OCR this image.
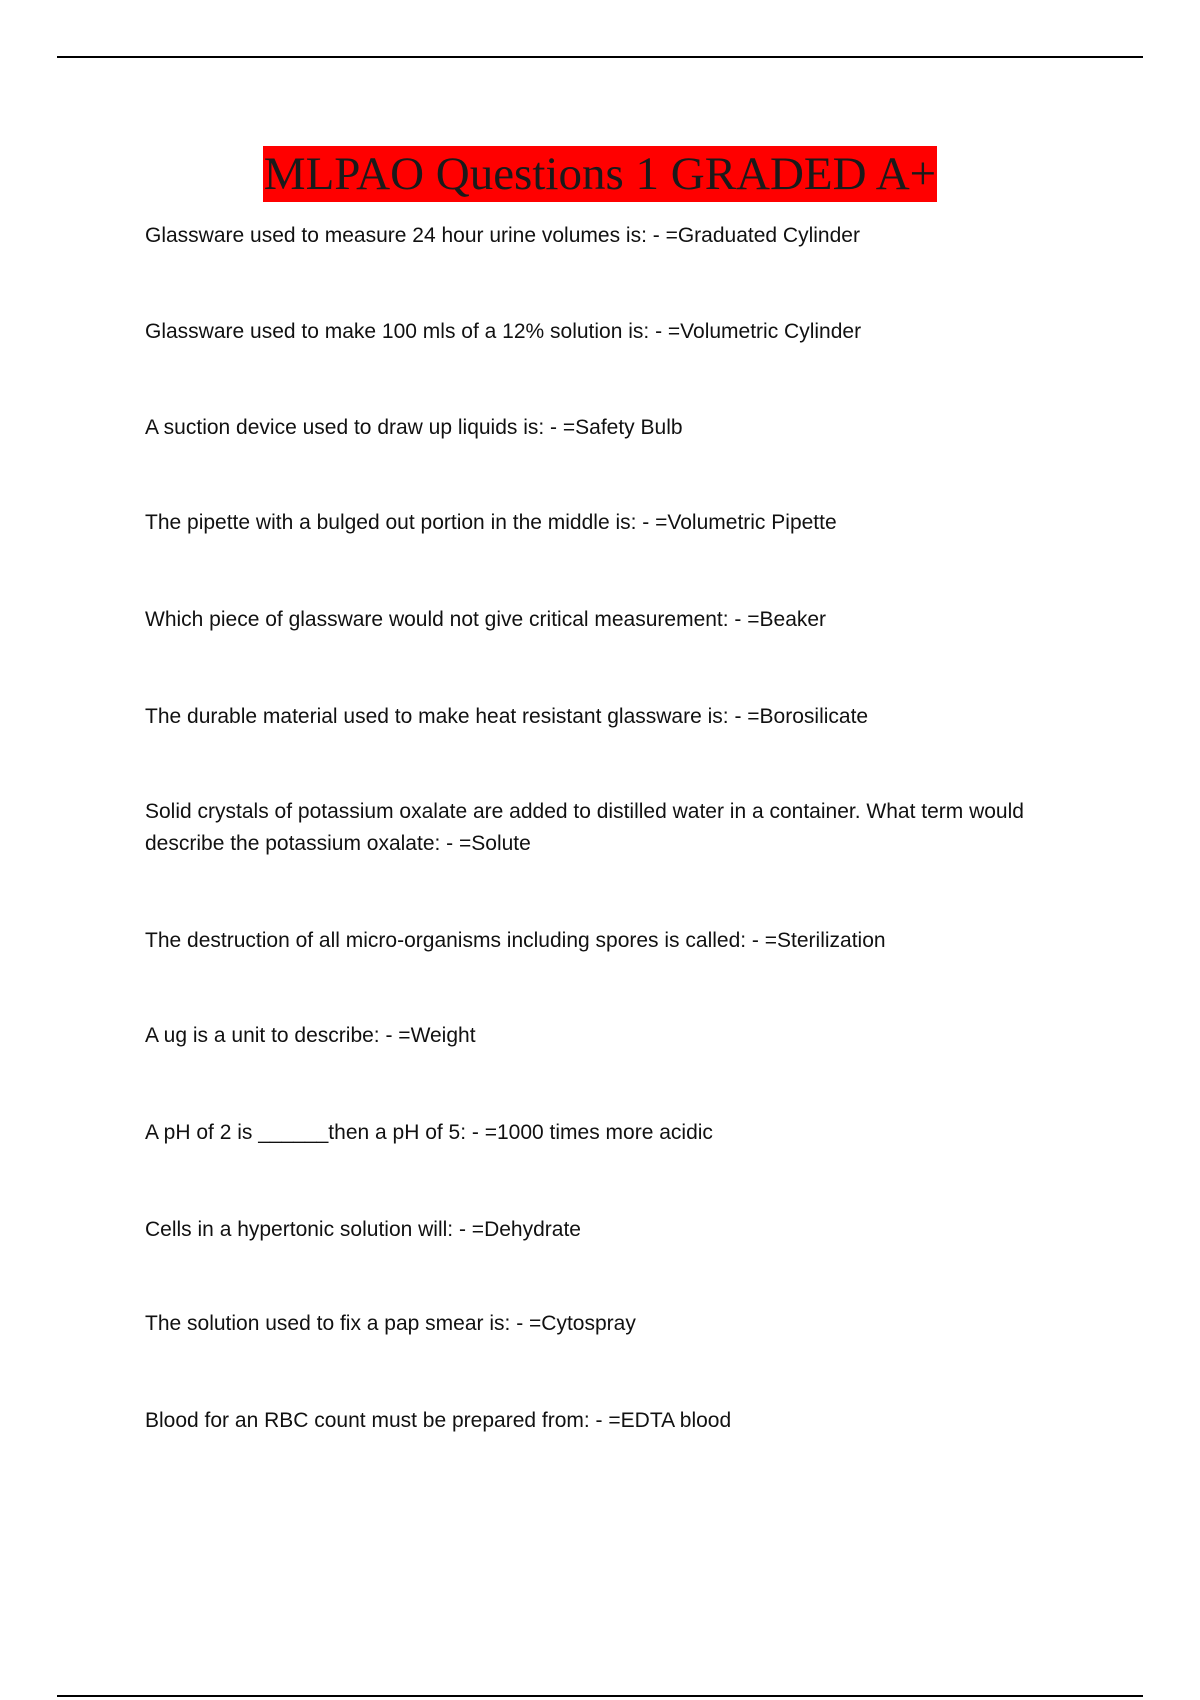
MLPAO Questions 1 GRADED A+
Glassware used to measure 24 hour urine volumes is: - =Graduated Cylinder
Glassware used to make 100 mls of a 12% solution is: - =Volumetric Cylinder
A suction device used to draw up liquids is: - =Safety Bulb
The pipette with a bulged out portion in the middle is: - =Volumetric Pipette
Which piece of glassware would not give critical measurement: - =Beaker
The durable material used to make heat resistant glassware is: - =Borosilicate
Solid crystals of potassium oxalate are added to distilled water in a container. What term would describe the potassium oxalate: - =Solute
The destruction of all micro-organisms including spores is called: - =Sterilization
A ug is a unit to describe: - =Weight
A pH of 2 is ______then a pH of 5: - =1000 times more acidic
Cells in a hypertonic solution will: - =Dehydrate
The solution used to fix a pap smear is: - =Cytospray
Blood for an RBC count must be prepared from: - =EDTA blood
